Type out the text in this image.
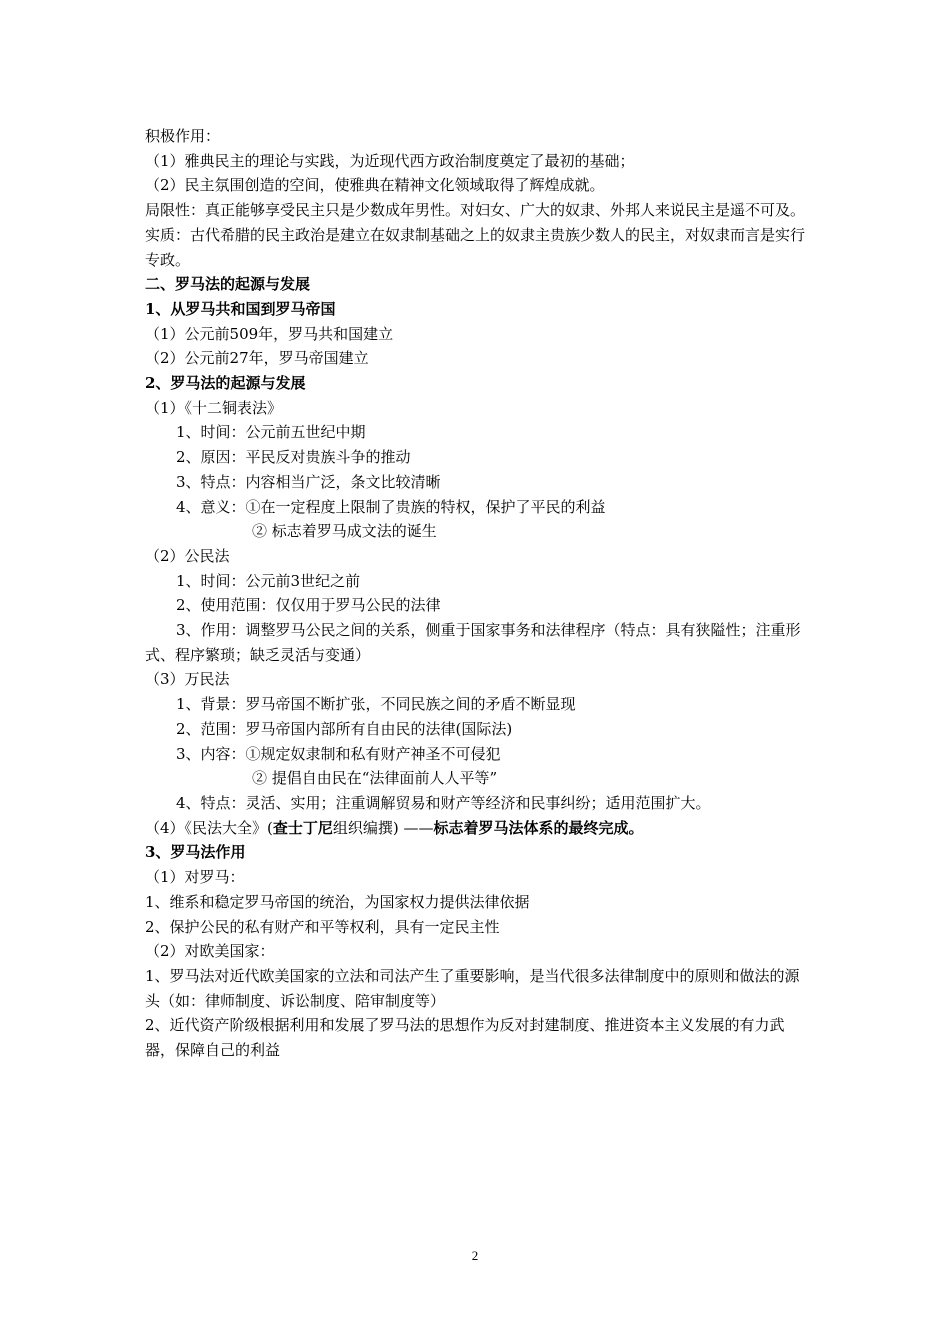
积极作用：

（1）雅典民主的理论与实践，为近现代西方政治制度奠定了最初的基础；

（2）民主氛围创造的空间，使雅典在精神文化领域取得了辉煌成就。

局限性：真正能够享受民主只是少数成年男性。对妇女、广大的奴隶、外邦人来说民主是遥不可及。

实质：古代希腊的民主政治是建立在奴隶制基础之上的奴隶主贵族少数人的民主，对奴隶而言是实行专政。

二、罗马法的起源与发展

1、从罗马共和国到罗马帝国

（1）公元前509年，罗马共和国建立

（2）公元前27年，罗马帝国建立

2、罗马法的起源与发展

（1）《十二铜表法》

1、时间：公元前五世纪中期

2、原因：平民反对贵族斗争的推动

3、特点：内容相当广泛，条文比较清晰

4、意义：①在一定程度上限制了贵族的特权，保护了平民的利益

② 标志着罗马成文法的诞生

（2）公民法

1、时间：公元前3世纪之前

2、使用范围：仅仅用于罗马公民的法律

3、作用：调整罗马公民之间的关系，侧重于国家事务和法律程序（特点：具有狭隘性；注重形式、程序繁琐；缺乏灵活与变通）

（3）万民法

1、背景：罗马帝国不断扩张，不同民族之间的矛盾不断显现

2、范围：罗马帝国内部所有自由民的法律(国际法)

3、内容：①规定奴隶制和私有财产神圣不可侵犯

② 提倡自由民在“法律面前人人平等”

4、特点：灵活、实用；注重调解贸易和财产等经济和民事纠纷；适用范围扩大。

（4）《民法大全》(查士丁尼组织编撰) ——标志着罗马法体系的最终完成。

3、罗马法作用

（1）对罗马：

1、维系和稳定罗马帝国的统治，为国家权力提供法律依据

2、保护公民的私有财产和平等权利，具有一定民主性

（2）对欧美国家：

1、罗马法对近代欧美国家的立法和司法产生了重要影响，是当代很多法律制度中的原则和做法的源头（如：律师制度、诉讼制度、陪审制度等）

2、近代资产阶级根据利用和发展了罗马法的思想作为反对封建制度、推进资本主义发展的有力武器，保障自己的利益

2
